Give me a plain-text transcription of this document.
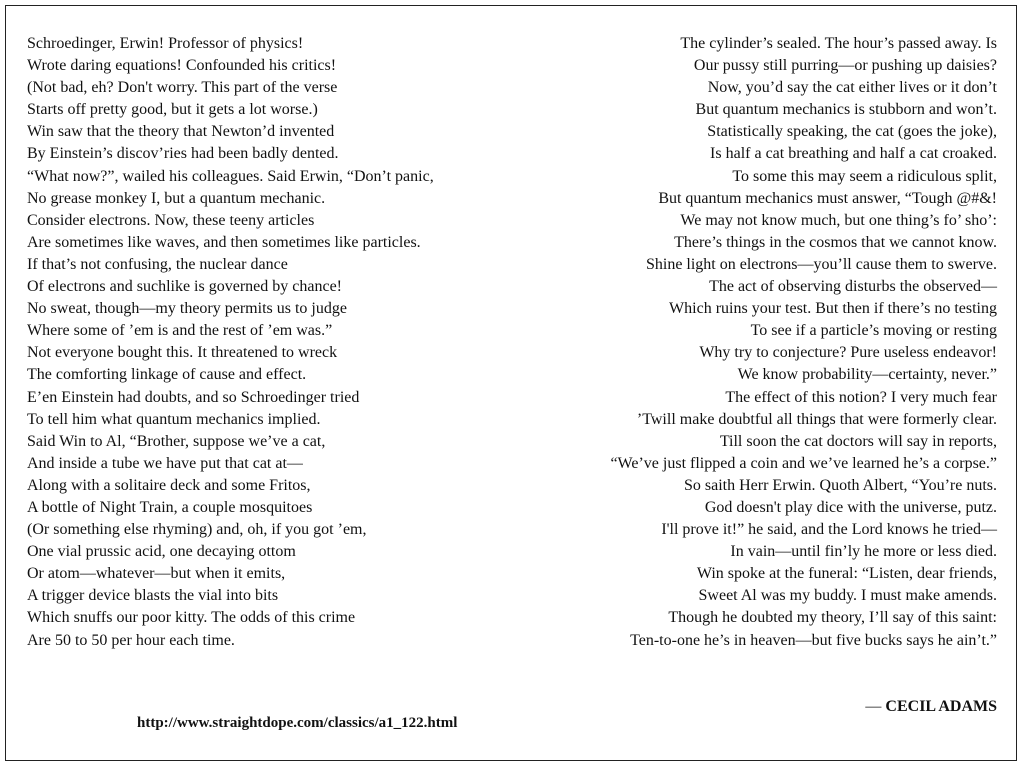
Schroedinger, Erwin! Professor of physics!
Wrote daring equations! Confounded his critics!
(Not bad, eh? Don't worry. This part of the verse
Starts off pretty good, but it gets a lot worse.)
Win saw that the theory that Newton’d invented
By Einstein’s discov’ries had been badly dented.
“What now?”, wailed his colleagues. Said Erwin, “Don’t panic,
No grease monkey I, but a quantum mechanic.
Consider electrons. Now, these teeny articles
Are sometimes like waves, and then sometimes like particles.
If that’s not confusing, the nuclear dance
Of electrons and suchlike is governed by chance!
No sweat, though—my theory permits us to judge
Where some of ’em is and the rest of ’em was.”
Not everyone bought this. It threatened to wreck
The comforting linkage of cause and effect.
E’en Einstein had doubts, and so Schroedinger tried
To tell him what quantum mechanics implied.
Said Win to Al, “Brother, suppose we’ve a cat,
And inside a tube we have put that cat at—
Along with a solitaire deck and some Fritos,
A bottle of Night Train, a couple mosquitoes
(Or something else rhyming) and, oh, if you got ’em,
One vial prussic acid, one decaying ottom
Or atom—whatever—but when it emits,
A trigger device blasts the vial into bits
Which snuffs our poor kitty. The odds of this crime
Are 50 to 50 per hour each time.
The cylinder’s sealed. The hour’s passed away. Is
Our pussy still purring—or pushing up daisies?
Now, you’d say the cat either lives or it don’t
But quantum mechanics is stubborn and won’t.
Statistically speaking, the cat (goes the joke),
Is half a cat breathing and half a cat croaked.
To some this may seem a ridiculous split,
But quantum mechanics must answer, “Tough @#&!
We may not know much, but one thing’s fo’ sho’:
There’s things in the cosmos that we cannot know.
Shine light on electrons—you’ll cause them to swerve.
The act of observing disturbs the observed—
Which ruins your test. But then if there’s no testing
To see if a particle’s moving or resting
Why try to conjecture? Pure useless endeavor!
We know probability—certainty, never.”
The effect of this notion? I very much fear
’Twill make doubtful all things that were formerly clear.
Till soon the cat doctors will say in reports,
“We’ve just flipped a coin and we’ve learned he’s a corpse.”
So saith Herr Erwin. Quoth Albert, “You’re nuts.
God doesn't play dice with the universe, putz.
I'll prove it!” he said, and the Lord knows he tried—
In vain—until fin’ly he more or less died.
Win spoke at the funeral: “Listen, dear friends,
Sweet Al was my buddy. I must make amends.
Though he doubted my theory, I’ll say of this saint:
Ten-to-one he’s in heaven—but five bucks says he ain’t.”
— CECIL ADAMS
http://www.straightdope.com/classics/a1_122.html
